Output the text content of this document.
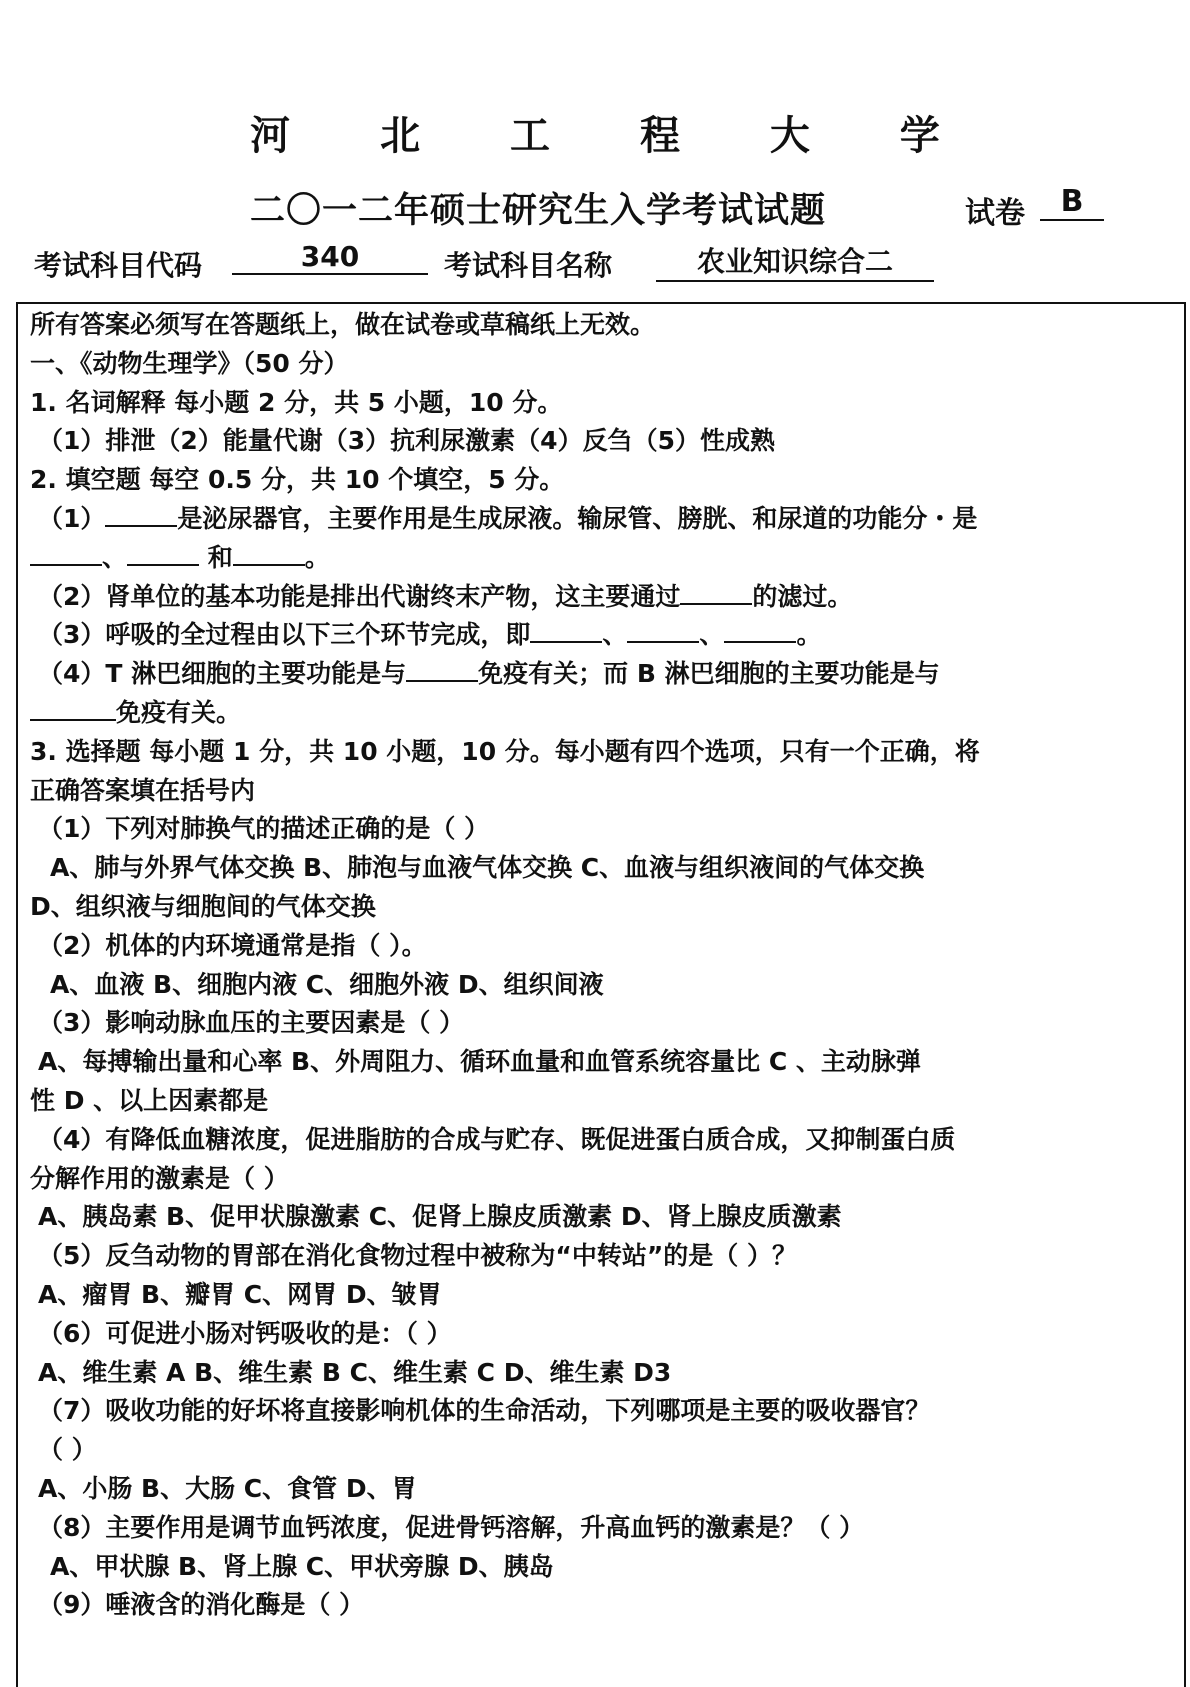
河 北 工 程 大 学
二〇一二年硕士研究生入学考试试题	试卷	B
考试科目代码	340	考试科目名称	农业知识综合二
所有答案必须写在答题纸上，做在试卷或草稿纸上无效。
一、《动物生理学》（50 分）
1. 名词解释 每小题 2 分，共 5 小题，10 分。
（1）排泄（2）能量代谢（3）抗利尿激素（4）反刍（5）性成熟
2. 填空题 每空 0.5 分，共 10 个填空，5 分。
（1）	是泌尿器官，主要作用是生成尿液。输尿管、膀胱、和尿道的功能分・是
、	和	。
（2）肾单位的基本功能是排出代谢终末产物，这主要通过	的滤过。
（3）呼吸的全过程由以下三个环节完成，即	、	、	。
（4）T 淋巴细胞的主要功能是与	免疫有关；而 B 淋巴细胞的主要功能是与
免疫有关。
3. 选择题 每小题 1 分，共 10 小题，10 分。每小题有四个选项，只有一个正确，将
正确答案填在括号内
（1）下列对肺换气的描述正确的是（ ）
A、肺与外界气体交换 B、肺泡与血液气体交换 C、血液与组织液间的气体交换
D、组织液与细胞间的气体交换
（2）机体的内环境通常是指（ ）。
A、血液 B、细胞内液 C、细胞外液 D、组织间液
（3）影响动脉血压的主要因素是（ ）
A、每搏输出量和心率 B、外周阻力、循环血量和血管系统容量比 C 、主动脉弹
性 D 、以上因素都是
（4）有降低血糖浓度，促进脂肪的合成与贮存、既促进蛋白质合成，又抑制蛋白质
分解作用的激素是（ ）
A、胰岛素 B、促甲状腺激素 C、促肾上腺皮质激素 D、肾上腺皮质激素
（5）反刍动物的胃部在消化食物过程中被称为“中转站”的是（ ）？
A、瘤胃 B、瓣胃 C、网胃 D、皱胃
（6）可促进小肠对钙吸收的是：（ ）
A、维生素 A B、维生素 B C、维生素 C D、维生素 D3
（7）吸收功能的好坏将直接影响机体的生命活动，下列哪项是主要的吸收器官？
（ ）
A、小肠 B、大肠 C、食管 D、胃
（8）主要作用是调节血钙浓度，促进骨钙溶解，升高血钙的激素是？（ ）
A、甲状腺 B、肾上腺 C、甲状旁腺 D、胰岛
（9）唾液含的消化酶是（ ）
